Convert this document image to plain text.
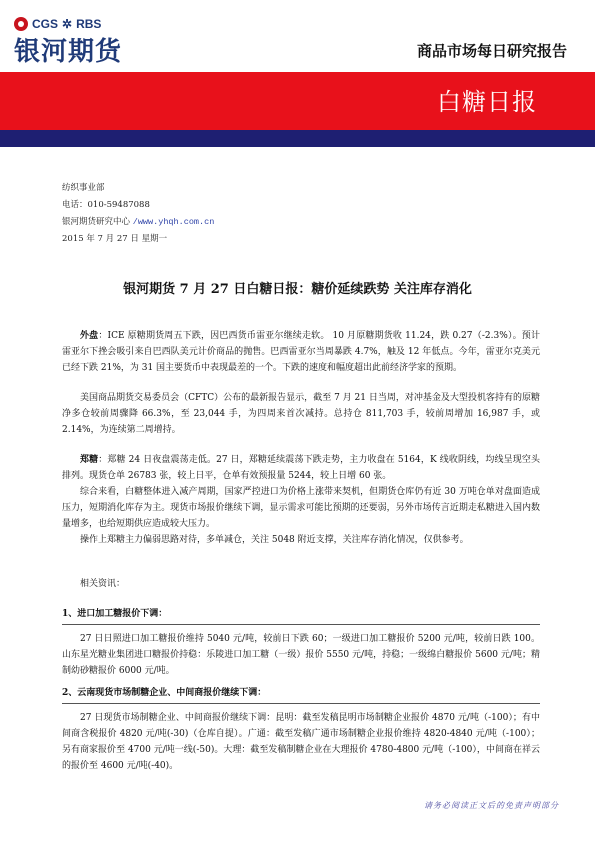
CGS ✲ RBS
银河期货	商品市场每日研究报告
白糖日报
纺织事业部
电话：010-59487088
银河期货研究中心 /www.yhqh.com.cn
2015 年 7 月 27 日 星期一
银河期货 7 月 27 日白糖日报：糖价延续跌势 关注库存消化

外盘：ICE 原糖期货周五下跌，因巴西货币雷亚尔继续走软。 10 月原糖期货收 11.24，跌 0.27（-2.3%）。预计雷亚尔下挫会吸引来自巴西队美元计价商品的抛售。巴西雷亚尔当周暴跌 4.7%，触及 12 年低点。今年，雷亚尔克美元已经下跌 21%，为 31 国主要货币中表现最差的一个。下跌的速度和幅度超出此前经济学家的预期。

美国商品期货交易委员会（CFTC）公布的最新报告显示，截至 7 月 21 日当周，对冲基金及大型投机客持有的原糖净多仓较前周骤降 66.3%，至 23,044 手，为四周来首次减持。总持仓 811,703 手，较前周增加 16,987 手，或 2.14%，为连续第二周增持。

郑糖：郑糖 24 日夜盘震荡走低。27 日，郑糖延续震荡下跌走势，主力收盘在 5164，K 线收阴线，均线呈现空头排列。现货仓单 26783 张，较上日平，仓单有效预报量 5244，较上日增 60 张。

综合来看，白糖整体进入减产周期，国家严控进口为价格上涨带来契机，但期货仓库仍有近 30 万吨仓单对盘面造成压力，短期消化库存为主。现货市场报价继续下调，显示需求可能比预期的还要弱，另外市场传言近期走私糖进入国内数量增多，也给短期供应造成较大压力。

操作上郑糖主力偏弱思路对待，多单减仓，关注 5048 附近支撑，关注库存消化情况，仅供参考。

相关资讯：

1、进口加工糖报价下调：

27 日日照进口加工糖报价维持 5040 元/吨，较前日下跌 60；一级进口加工糖报价 5200 元/吨，较前日跌 100。山东星光糖业集团进口糖报价持稳：乐陵进口加工糖（一级）报价 5550 元/吨，持稳；一级绵白糖报价 5600 元/吨；精制幼砂糖报价 6000 元/吨。

2、云南现货市场制糖企业、中间商报价继续下调：

27 日现货市场制糖企业、中间商报价继续下调：昆明：截至发稿昆明市场制糖企业报价 4870 元/吨（-100）；有中间商含税报价 4820 元/吨(-30)（仓库自提）。广通：截至发稿广通市场制糖企业报价维持 4820-4840 元/吨（-100）；另有商家报价至 4700 元/吨一线(-50)。大理：截至发稿制糖企业在大理报价 4780-4800 元/吨（-100），中间商在祥云的报价至 4600 元/吨(-40)。

请务必阅读正文后的免责声明部分
